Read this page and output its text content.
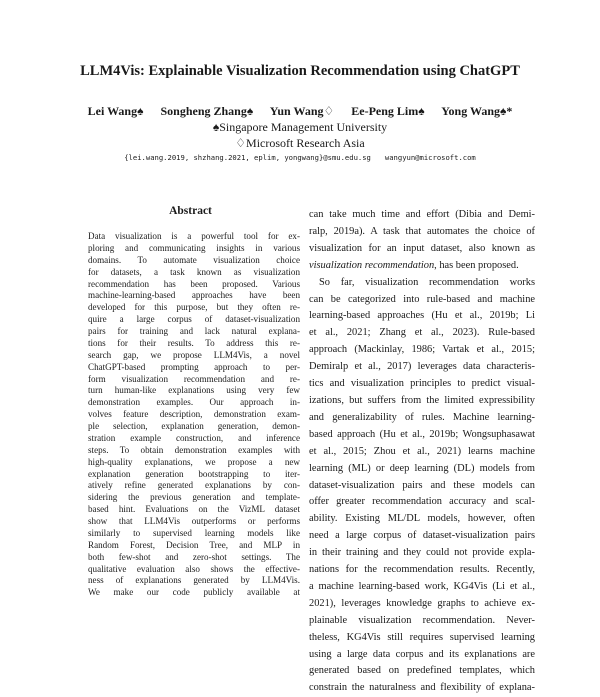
LLM4Vis: Explainable Visualization Recommendation using ChatGPT
Lei Wang♠ Songheng Zhang♠ Yun Wang♢ Ee-Peng Lim♠ Yong Wang♠*
♠Singapore Management University
♢Microsoft Research Asia
{lei.wang.2019, shzhang.2021, eplim, yongwang}@smu.edu.sg wangyun@microsoft.com
Abstract
Data visualization is a powerful tool for ex-
ploring and communicating insights in various
domains. To automate visualization choice
for datasets, a task known as visualization
recommendation has been proposed. Various
machine-learning-based approaches have been
developed for this purpose, but they often re-
quire a large corpus of dataset-visualization
pairs for training and lack natural explana-
tions for their results. To address this re-
search gap, we propose LLM4Vis, a novel
ChatGPT-based prompting approach to per-
form visualization recommendation and re-
turn human-like explanations using very few
demonstration examples. Our approach in-
volves feature description, demonstration exam-
ple selection, explanation generation, demon-
stration example construction, and inference
steps. To obtain demonstration examples with
high-quality explanations, we propose a new
explanation generation bootstrapping to iter-
atively refine generated explanations by con-
sidering the previous generation and template-
based hint. Evaluations on the VizML dataset
show that LLM4Vis outperforms or performs
similarly to supervised learning models like
Random Forest, Decision Tree, and MLP in
both few-shot and zero-shot settings. The
qualitative evaluation also shows the effective-
ness of explanations generated by LLM4Vis.
We make our code publicly available at
can take much time and effort (Dibia and Demi-
ralp, 2019a). A task that automates the choice of
visualization for an input dataset, also known as
visualization recommendation, has been proposed.
So far, visualization recommendation works
can be categorized into rule-based and machine
learning-based approaches (Hu et al., 2019b; Li
et al., 2021; Zhang et al., 2023). Rule-based
approach (Mackinlay, 1986; Vartak et al., 2015;
Demiralp et al., 2017) leverages data characteris-
tics and visualization principles to predict visual-
izations, but suffers from the limited expressibility
and generalizability of rules. Machine learning-
based approach (Hu et al., 2019b; Wongsuphasawat
et al., 2015; Zhou et al., 2021) learns machine
learning (ML) or deep learning (DL) models from
dataset-visualization pairs and these models can
offer greater recommendation accuracy and scal-
ability. Existing ML/DL models, however, often
need a large corpus of dataset-visualization pairs
in their training and they could not provide expla-
nations for the recommendation results. Recently,
a machine learning-based work, KG4Vis (Li et al.,
2021), leverages knowledge graphs to achieve ex-
plainable visualization recommendation. Never-
theless, KG4Vis still requires supervised learning
using a large data corpus and its explanations are
generated based on predefined templates, which
constrain the naturalness and flexibility of explana-
